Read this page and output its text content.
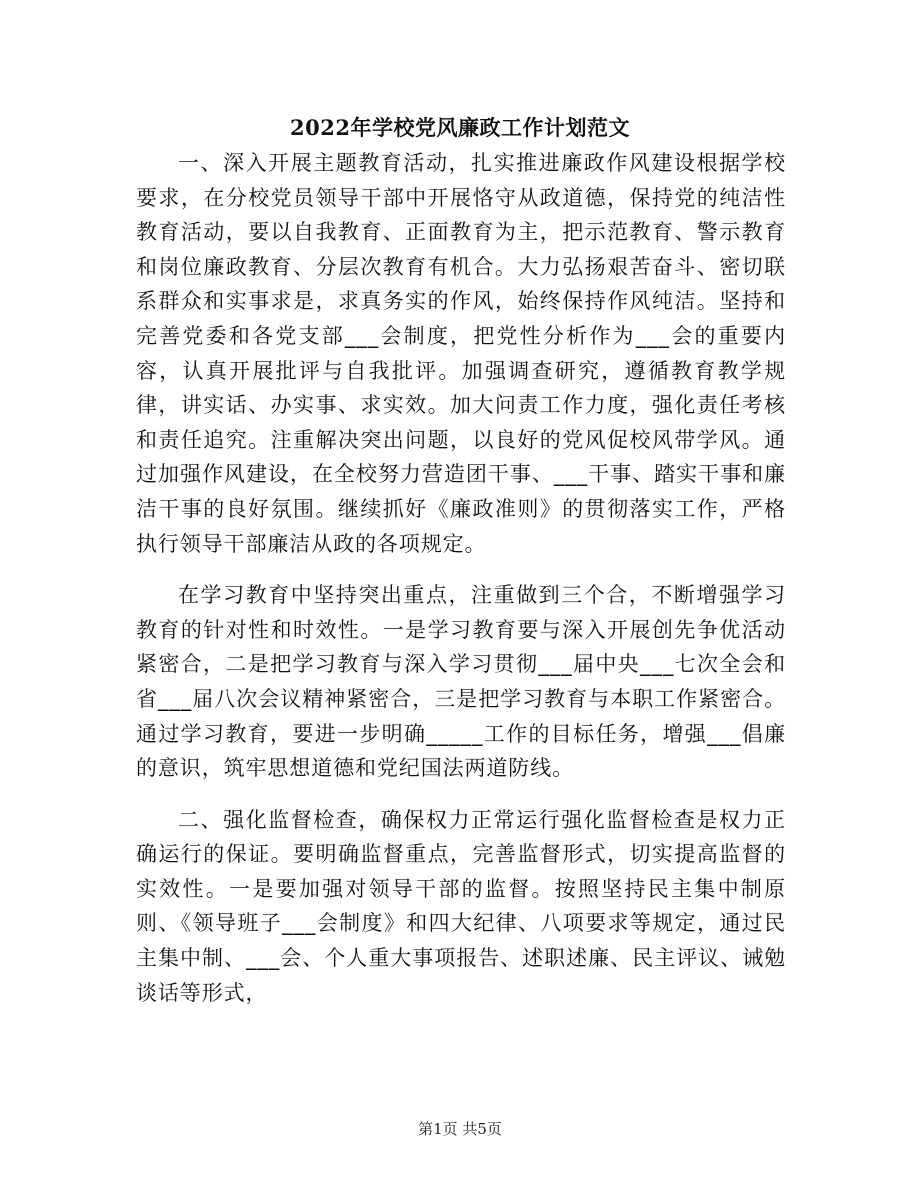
2022年学校党风廉政工作计划范文

一、深入开展主题教育活动，扎实推进廉政作风建设根据学校要求，在分校党员领导干部中开展恪守从政道德，保持党的纯洁性教育活动，要以自我教育、正面教育为主，把示范教育、警示教育和岗位廉政教育、分层次教育有机合。大力弘扬艰苦奋斗、密切联系群众和实事求是，求真务实的作风，始终保持作风纯洁。坚持和完善党委和各党支部___会制度，把党性分析作为___会的重要内容，认真开展批评与自我批评。加强调查研究，遵循教育教学规律，讲实话、办实事、求实效。加大问责工作力度，强化责任考核和责任追究。注重解决突出问题，以良好的党风促校风带学风。通过加强作风建设，在全校努力营造团干事、___干事、踏实干事和廉洁干事的良好氛围。继续抓好《廉政准则》的贯彻落实工作，严格执行领导干部廉洁从政的各项规定。

在学习教育中坚持突出重点，注重做到三个合，不断增强学习教育的针对性和时效性。一是学习教育要与深入开展创先争优活动紧密合，二是把学习教育与深入学习贯彻___届中央___七次全会和省___届八次会议精神紧密合，三是把学习教育与本职工作紧密合。通过学习教育，要进一步明确_____工作的目标任务，增强___倡廉的意识，筑牢思想道德和党纪国法两道防线。

二、强化监督检查，确保权力正常运行强化监督检查是权力正确运行的保证。要明确监督重点，完善监督形式，切实提高监督的实效性。一是要加强对领导干部的监督。按照坚持民主集中制原则、《领导班子___会制度》和四大纪律、八项要求等规定，通过民主集中制、___会、个人重大事项报告、述职述廉、民主评议、诫勉谈话等形式，

第1页 共5页
